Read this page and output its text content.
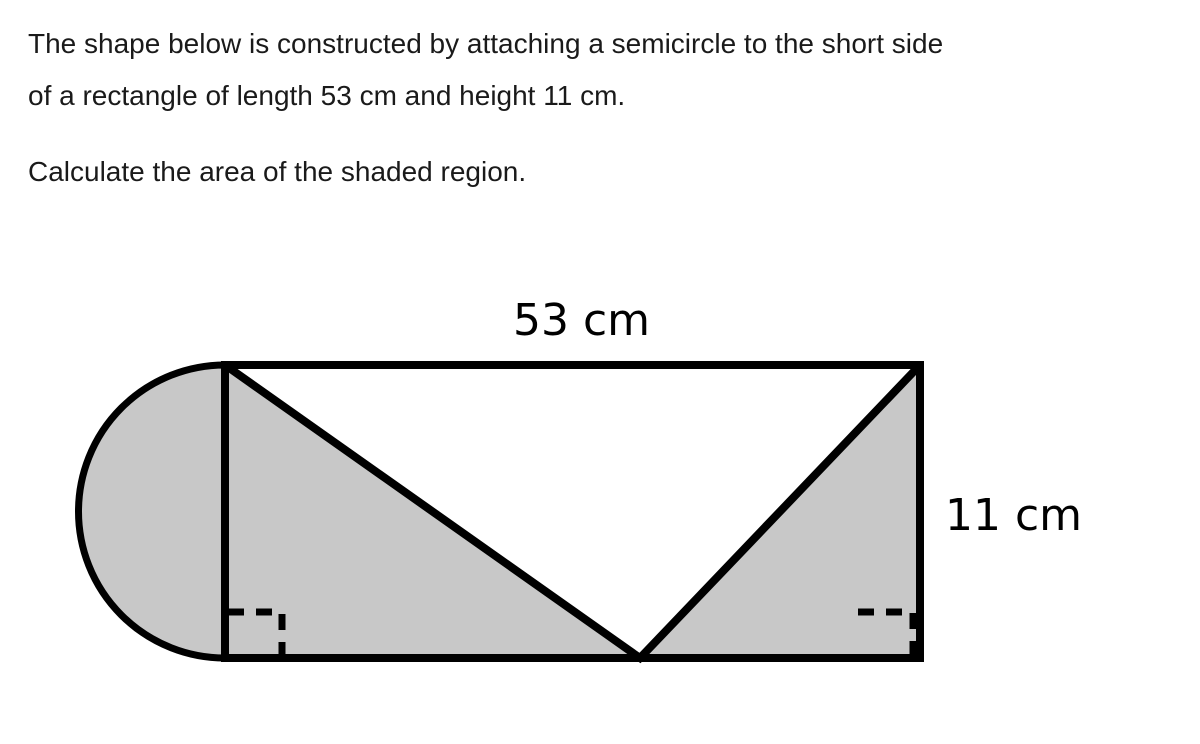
The shape below is constructed by attaching a semicircle to the short side
of a rectangle of length 53 cm and height 11 cm.
Calculate the area of the shaded region.
53 cm
11 cm
